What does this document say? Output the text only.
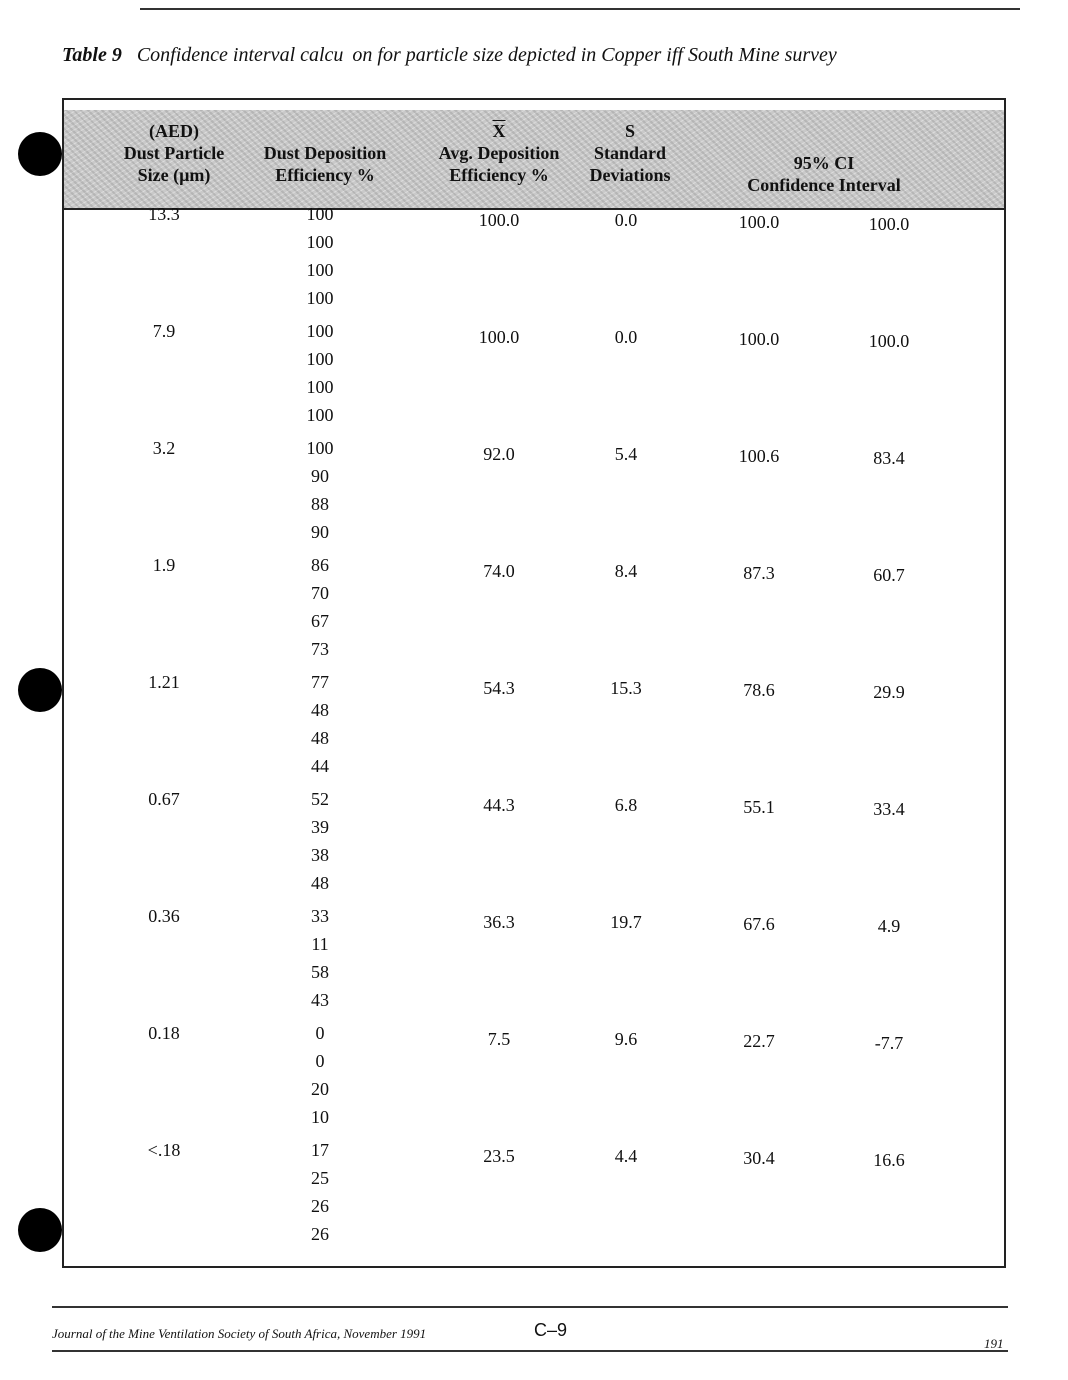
Table 9 Confidence interval calcu  on for particle size depicted in Copper iff South Mine survey
(AED)
Dust Particle
Size (µm)
Dust Deposition
Efficiency %
$\overline{X}$
Avg. Deposition
Efficiency %
S
Standard
Deviations
95% CI
Confidence Interval
13.3	100
100
100
100
100.0	0.0	100.0	100.0
7.9	100
100
100
100
100.0	0.0	100.0	100.0
3.2	100
90
88
90
92.0	5.4	100.6	83.4
1.9	86
70
67
73
74.0	8.4	87.3	60.7
1.21	77
48
48
44
54.3	15.3	78.6	29.9
0.67	52
39
38
48
44.3	6.8	55.1	33.4
0.36	33
11
58
43
36.3	19.7	67.6	4.9
0.18	0
0
20
10
7.5	9.6	22.7	-7.7
<.18	17
25
26
26
23.5	4.4	30.4	16.6
Journal of the Mine Ventilation Society of South Africa, November 1991	C–9
191
